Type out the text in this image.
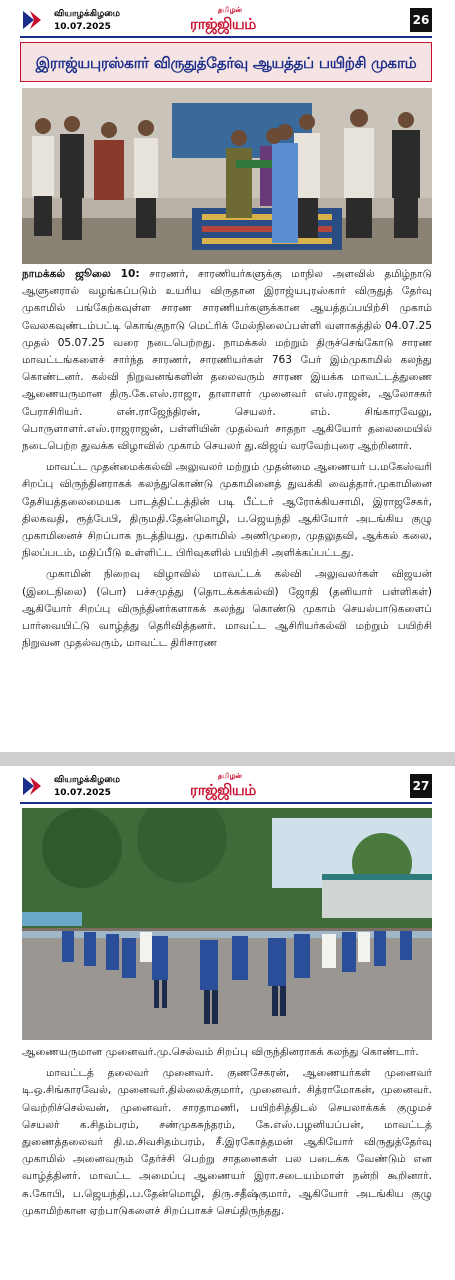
வியாழக்கிழமை
10.07.2025
தமிழன்
ராஜ்ஜியம்	26
இராஜ்யபுரஸ்கார் விருதுத்தேர்வு ஆயத்தப் பயிற்சி முகாம்

நாமக்கல் ஜூலை 10: சாரணர், சாரணியர்களுக்கு மாநில அளவில் தமிழ்நாடு ஆளுனரால் வழங்கப்படும் உயரிய விருதான இராஜ்யபுரஸ்கார் விருதுத் தேர்வு முகாமில் பங்கேற்கவுள்ள சாரண சாரணியர்களுக்கான ஆயத்தப்பயிற்சி முகாம் வேலகவுண்டம்பட்டி கொங்குநாடு மெட்ரிக் மேல்நிலைப்பள்ளி வளாகத்தில் 04.07.25 முதல் 05.07.25 வரை நடைபெற்றது. நாமக்கல் மற்றும் திருச்செங்கோடு சாரண மாவட்டங்களைச் சார்ந்த சாரணர், சாரணியர்கள் 763 பேர் இம்முகாமில் கலந்து கொண்டனர். கல்வி நிறுவனங்களின் தலைவரும் சாரண இயக்க மாவட்டத்துணை ஆணையருமான திரு.கே.எஸ்.ராஜா, தாளாளர் முனைவர் எஸ்.ராஜன், ஆலோசகர் பேராசிரியர். என்.ராஜேந்திரன், செயலர். எம். சிங்காரவேலு, பொருளாளர்.எஸ்.ராஜராஜன், பள்ளியின் முதல்வர் சாதநா ஆகியோர் தலைமையில் நடைபெற்ற துவக்க விழாவில் முகாம் செயலர் து.விஜய் வரவேற்புரை ஆற்றினார்.

மாவட்ட முதன்மைக்கல்வி அலுவலர் மற்றும் முதன்மை ஆணையர் ப.மகேஸ்வரி சிறப்பு விருந்தினராகக் கலந்துகொண்டு முகாமினைத் துவக்கி வைத்தார்.முகாமினை தேசியத்தலைமையக பாடத்திட்டத்தின் படி பீட்டர் ஆரோக்கியசாமி, இராஜசேகர், திலகவதி, ரூத்பேபி, திருமதி.தேன்மொழி, ப.ஜெயந்தி ஆகியோர் அடங்கிய குழு முகாமினைச் சிறப்பாக நடத்தியது. முகாமில் அணிமுறை, முதலுதவி, ஆக்கல் கலை, நிலப்படம், மதிப்பீடு உள்ளிட்ட பிரிவுகளில் பயிற்சி அளிக்கப்பட்டது.

முகாமின் நிறைவு விழாவில் மாவட்டக் கல்வி அலுவலர்கள் விஜயன் (இடைநிலை) (பொ) பச்சமுத்து (தொடக்கக்கல்வி) ஜோதி (தனியார் பள்ளிகள்) ஆகியோர் சிறப்பு விருந்தினர்களாகக் கலந்து கொண்டு முகாம் செயல்பாடுகளைப் பார்வையிட்டு வாழ்த்து தெரிவித்தனர். மாவட்ட ஆசிரியர்கல்வி மற்றும் பயிற்சி நிறுவன முதல்வரும், மாவட்ட திரிசாரண

வியாழக்கிழமை
10.07.2025
தமிழன்
ராஜ்ஜியம்	27

ஆணையருமான முனைவர்.மு.செல்வம் சிறப்பு விருந்தினராகக் கலந்து கொண்டார்.

மாவட்டத் தலைவர் முனைவர். குணசேகரன், ஆணையர்கள் முனைவர் டி.ஒ.சிங்காரவேல், முனைவர்.தில்லைக்குமார், முனைவர். சித்ராமோகன், முனைவர். வெற்றிச்செல்வன், முனைவர். சாரதாமணி, பயிற்சித்திடல் செயலாக்கக் குழுமச் செயலர் க.சிதம்பரம், சண்முகசுந்தரம், கே.எஸ்.பழனியப்பன், மாவட்டத் துணைத்தலைவர் தி.ம.சிவசிதம்பரம், சீ.இரகோத்தமன் ஆகியோர் விருதுத்தேர்வு முகாமில் அனைவரும் தேர்ச்சி பெற்று சாதனைகள் பல படைக்க வேண்டும் என வாழ்த்தினர். மாவட்ட அமைப்பு ஆணையர் இரா.சடையம்மாள் நன்றி கூறினார். சு.கோபி, ப.ஜெயந்தி,.ப.தேன்மொழி, திரு.சதீஷ்குமார், ஆகியோர் அடங்கிய குழு முகாமிற்கான ஏற்பாடுகளைச் சிறப்பாகச் செய்திருந்தது.
